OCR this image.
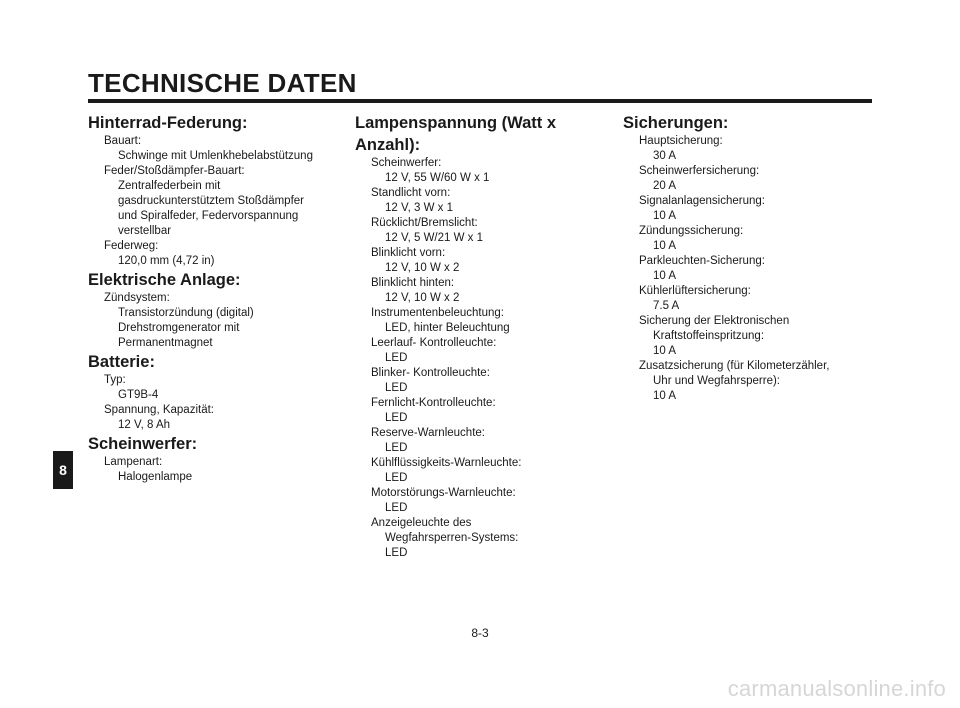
TECHNISCHE DATEN
Hinterrad-Federung:
Bauart:
Schwinge mit Umlenkhebelabstützung
Feder/Stoßdämpfer-Bauart:
Zentralfederbein mit
gasdruckunterstütztem Stoßdämpfer
und Spiralfeder, Federvorspannung
verstellbar
Federweg:
120,0 mm (4,72 in)
Elektrische Anlage:
Zündsystem:
Transistorzündung (digital)
Drehstromgenerator mit
Permanentmagnet
Batterie:
Typ:
GT9B-4
Spannung, Kapazität:
12 V, 8 Ah
Scheinwerfer:
Lampenart:
Halogenlampe
Lampenspannung (Watt x Anzahl):
Scheinwerfer:
12 V, 55 W/60 W x 1
Standlicht vorn:
12 V, 3 W x 1
Rücklicht/Bremslicht:
12 V, 5 W/21 W x 1
Blinklicht vorn:
12 V, 10 W x 2
Blinklicht hinten:
12 V, 10 W x 2
Instrumentenbeleuchtung:
LED, hinter Beleuchtung
Leerlauf- Kontrolleuchte:
LED
Blinker- Kontrolleuchte:
LED
Fernlicht-Kontrolleuchte:
LED
Reserve-Warnleuchte:
LED
Kühlflüssigkeits-Warnleuchte:
LED
Motorstörungs-Warnleuchte:
LED
Anzeigeleuchte des
Wegfahrsperren-Systems:
LED
Sicherungen:
Hauptsicherung:
30 A
Scheinwerfersicherung:
20 A
Signalanlagensicherung:
10 A
Zündungssicherung:
10 A
Parkleuchten-Sicherung:
10 A
Kühlerlüftersicherung:
7.5 A
Sicherung der Elektronischen
Kraftstoffeinspritzung:
10 A
Zusatzsicherung (für Kilometerzähler,
Uhr und Wegfahrsperre):
10 A
8
8-3
carmanualsonline.info
